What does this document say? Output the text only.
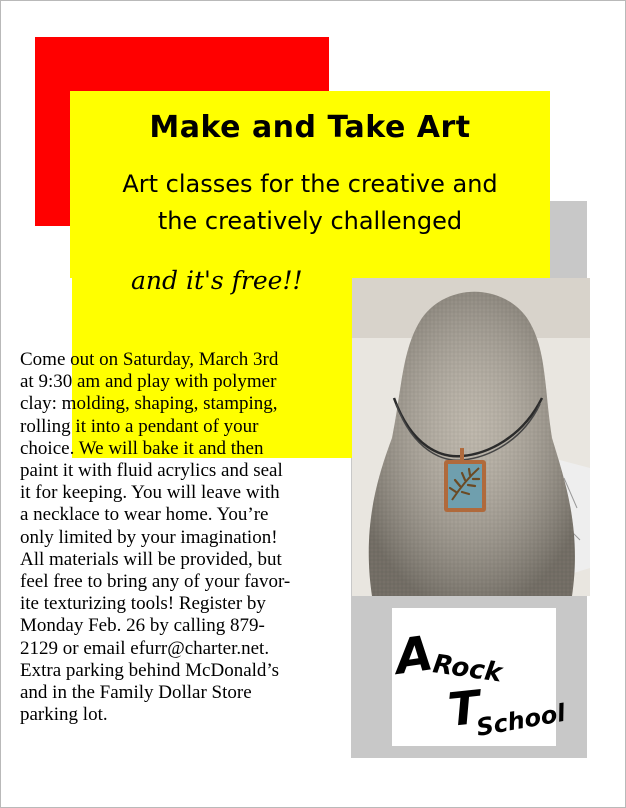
Make and Take Art
Art classes for the creative and
the creatively challenged
and it's free!!
A
Rock
T
School
Come out on Saturday, March 3rd
at 9:30 am and play with polymer
clay: molding, shaping, stamping,
rolling it into a pendant of your
choice. We will bake it and then
paint it with fluid acrylics and seal
it for keeping. You will leave with
a necklace to wear home. You’re
only limited by your imagination!
All materials will be provided, but
feel free to bring any of your favor-
ite texturizing tools! Register by
Monday Feb. 26 by calling 879-
2129 or email efurr@charter.net.
Extra parking behind McDonald’s
and in the Family Dollar Store
parking lot.
